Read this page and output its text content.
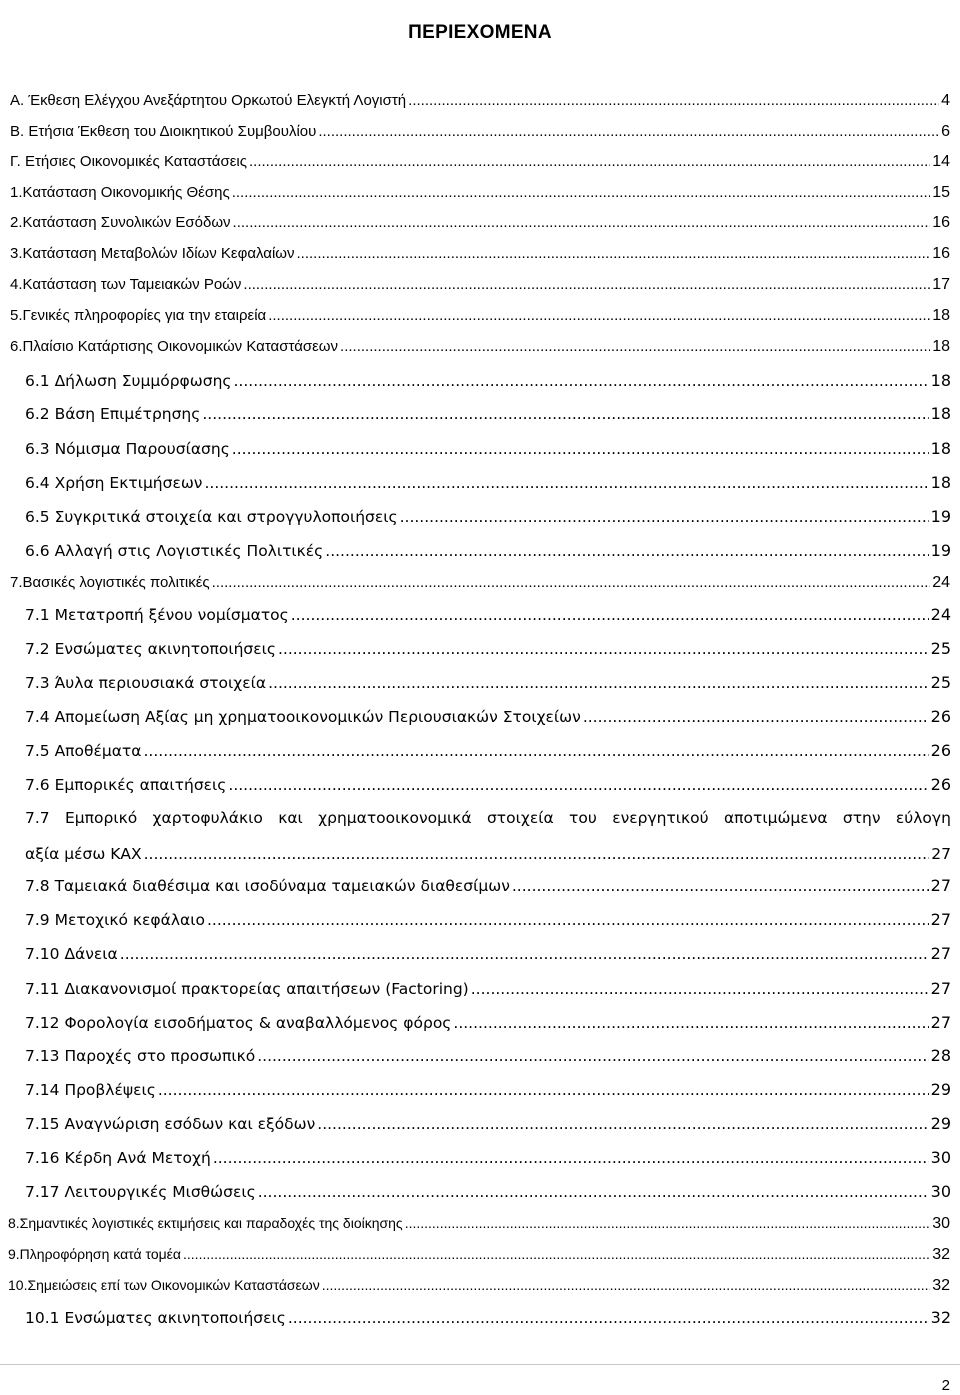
ΠΕΡΙΕΧΟΜΕΝΑ
Α. Έκθεση Ελέγχου Ανεξάρτητου Ορκωτού Ελεγκτή Λογιστή .....	4
Β. Ετήσια Έκθεση του Διοικητικού Συμβουλίου .....	6
Γ. Ετήσιες Οικονομικές Καταστάσεις .....	14
1.Κατάσταση Οικονομικής Θέσης .....	15
2.Κατάσταση Συνολικών Εσόδων .....	16
3.Κατάσταση Μεταβολών Ιδίων Κεφαλαίων .....	16
4.Κατάσταση των Ταμειακών Ροών .....	17
5.Γενικές πληροφορίες για την εταιρεία .....	18
6.Πλαίσιο Κατάρτισης Οικονομικών Καταστάσεων .....	18
6.1 Δήλωση Συμμόρφωσης .....	18
6.2 Βάση Επιμέτρησης .....	18
6.3 Νόμισμα Παρουσίασης .....	18
6.4 Χρήση Εκτιμήσεων .....	18
6.5 Συγκριτικά στοιχεία και στρογγυλοποιήσεις .....	19
6.6 Αλλαγή στις Λογιστικές Πολιτικές .....	19
7.Βασικές λογιστικές πολιτικές .....	24
7.1 Μετατροπή ξένου νομίσματος .....	24
7.2 Ενσώματες ακινητοποιήσεις .....	25
7.3 Άυλα περιουσιακά στοιχεία .....	25
7.4 Απομείωση Αξίας μη χρηματοοικονομικών Περιουσιακών Στοιχείων .....	26
7.5 Αποθέματα .....	26
7.6 Εμπορικές απαιτήσεις .....	26
7.7 Εμπορικό χαρτοφυλάκιο και χρηματοοικονομικά στοιχεία του ενεργητικού αποτιμώμενα στην εύλογη
αξία μέσω ΚΑΧ .....	27
7.8 Ταμειακά διαθέσιμα και ισοδύναμα ταμειακών διαθεσίμων .....	27
7.9 Μετοχικό κεφάλαιο .....	27
7.10 Δάνεια .....	27
7.11 Διακανονισμοί πρακτορείας απαιτήσεων (Factoring) .....	27
7.12 Φορολογία εισοδήματος & αναβαλλόμενος φόρος .....	27
7.13 Παροχές στο προσωπικό .....	28
7.14 Προβλέψεις .....	29
7.15 Αναγνώριση εσόδων και εξόδων .....	29
7.16 Κέρδη Ανά Μετοχή .....	30
7.17 Λειτουργικές Μισθώσεις .....	30
8.Σημαντικές λογιστικές εκτιμήσεις και παραδοχές της διοίκησης .....	30
9.Πληροφόρηση κατά τομέα .....	32
10.Σημειώσεις επί των Οικονομικών Καταστάσεων .....	32
10.1 Ενσώματες ακινητοποιήσεις .....	32
2
